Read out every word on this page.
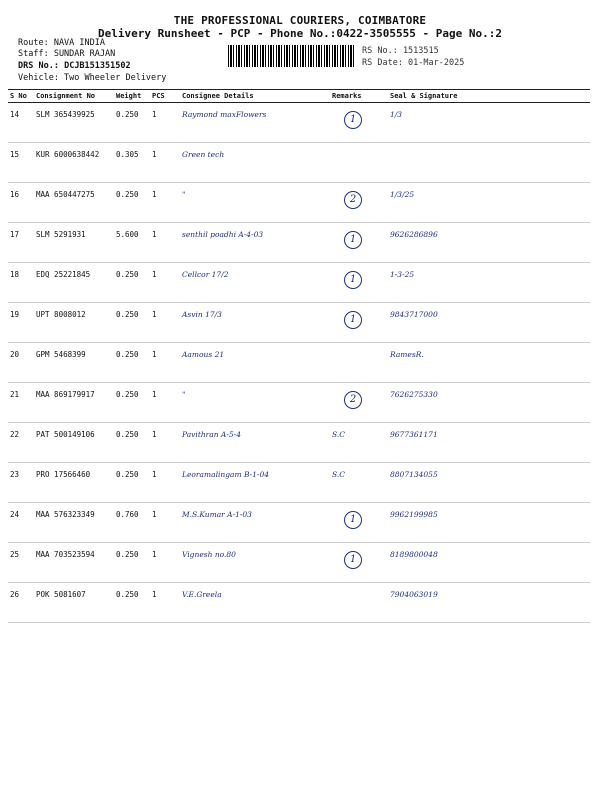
THE PROFESSIONAL COURIERS, COIMBATORE
Delivery Runsheet - PCP - Phone No.:0422-3505555 - Page No.:2
Route: NAVA INDIA
Staff: SUNDAR RAJAN
DRS No.: DCJB151351502
Vehicle: Two Wheeler Delivery
RS No.: 1513515
RS Date: 01-Mar-2025
S No	Consignment No	Weight	PCS	Consignee Details	Remarks	Seal & Signature
14	SLM 365439925	0.250	1	Raymond maxFlowers	1	1/3
15	KUR 6000638442	0.305	1	Green tech		
16	MAA 650447275	0.250	1	"	2	1/3/25
17	SLM 5291931	5.600	1	senthil poadhi A-4-03	1	9626286896
18	EDQ 25221845	0.250	1	Cellcor 17/2	1	1-3-25
19	UPT 8008012	0.250	1	Asvin 17/3	1	9843717000
20	GPM 5468399	0.250	1	Aamous 21		RamesR.
21	MAA 869179917	0.250	1	"	2	7626275330
22	PAT 500149106	0.250	1	Pavithran A-5-4	S.C	9677361171
23	PRO 17566460	0.250	1	Leoramalingam B-1-04	S.C	8807134055
24	MAA 576323349	0.760	1	M.S.Kumar A-1-03	1	9962199985
25	MAA 703523594	0.250	1	Vignesh no.80	1	8189800048
26	POK 5081607	0.250	1	V.E.Greela		7904063019
